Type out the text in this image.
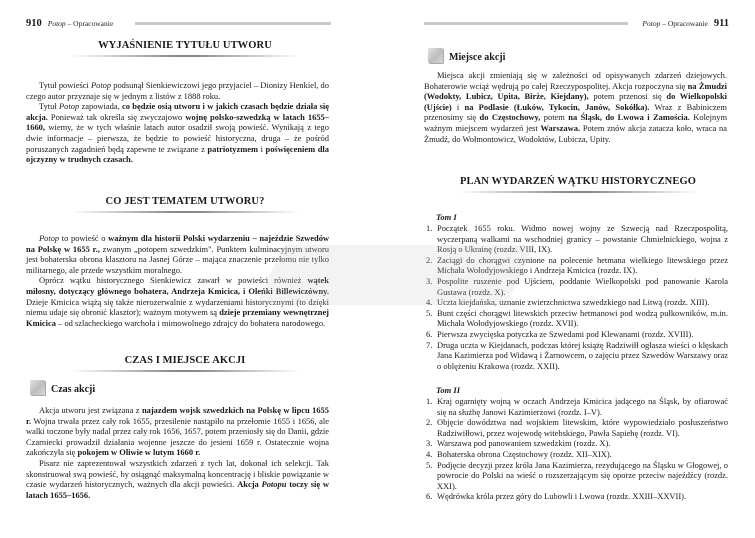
910 Potop – Opracowanie
WYJAŚNIENIE TYTUŁU UTWORU

Tytuł powieści Potop podsunął Sienkiewiczowi jego przyjaciel – Dionizy Henkiel, do czego autor przyznaje się w jednym z listów z 1888 roku.

Tytuł Potop zapowiada, co będzie osią utworu i w jakich czasach będzie działa się akcja. Ponieważ tak określa się zwyczajowo wojnę polsko-szwedzką w latach 1655–1660, wiemy, że w tych właśnie latach autor osadził swoją powieść. Wynikają z tego dwie informacje – pierwsza, że będzie to powieść historyczna, druga – że pośród poruszanych zagadnień będą zapewne te związane z patriotyzmem i poświęceniem dla ojczyzny w trudnych czasach.

CO JEST TEMATEM UTWORU?

Potop to powieść o ważnym dla historii Polski wydarzeniu – najeździe Szwedów na Polskę w 1655 r., zwanym „potopem szwedzkim". Punktem kulminacyjnym utworu jest bohaterska obrona klasztoru na Jasnej Górze – mająca znaczenie przełomu nie tylko militarnego, ale przede wszystkim moralnego.

Oprócz wątku historycznego Sienkiewicz zawarł w powieści również wątek miłosny, dotyczący głównego bohatera, Andrzeja Kmicica, i Oleńki Billewiczówny. Dzieje Kmicica wiążą się także nierozerwalnie z wydarzeniami historycznymi (to dzięki niemu udaje się obronić klasztor); ważnym motywem są dzieje przemiany wewnętrznej Kmicica – od szlacheckiego warchoła i mimowolnego zdrajcy do bohatera narodowego.

CZAS I MIEJSCE AKCJI
Czas akcji

Akcja utworu jest związana z najazdem wojsk szwedzkich na Polskę w lipcu 1655 r. Wojna trwała przez cały rok 1655, przesilenie nastąpiło na przełomie 1655 i 1656, ale walki toczone były nadal przez cały rok 1656, 1657, potem przeniosły się do Danii, gdzie Czarniecki prowadził działania wojenne jeszcze do jesieni 1659 r. Ostatecznie wojna zakończyła się pokojem w Oliwie w lutym 1660 r.

Pisarz nie zaprezentował wszystkich zdarzeń z tych lat, dokonał ich selekcji. Tak skonstruował swą powieść, by osiągnąć maksymalną koncentrację i bliskie powiązanie w czasie wydarzeń historycznych, ważnych dla akcji powieści. Akcja Potopu toczy się w latach 1655–1656.

Potop – Opracowanie 911
Miejsce akcji

Miejsca akcji zmieniają się w zależności od opisywanych zdarzeń dziejowych. Bohaterowie wciąż wędrują po całej Rzeczypospolitej. Akcja rozpoczyna się na Żmudzi (Wodokty, Lubicz, Upita, Birże, Kiejdany), potem przenosi się do Wielkopolski (Ujście) i na Podlasie (Łuków, Tykocin, Janów, Sokółka). Wraz z Babiniczem przenosimy się do Częstochowy, potem na Śląsk, do Lwowa i Zamościa. Kolejnym ważnym miejscem wydarzeń jest Warszawa. Potem znów akcja zatacza koło, wraca na Żmudź, do Wołmontowicz, Wodoktów, Lubicza, Upity.

PLAN WYDARZEŃ WĄTKU HISTORYCZNEGO
Tom I
1. Początek 1655 roku. Widmo nowej wojny ze Szwecją nad Rzeczpospolitą, wyczerpaną walkami na wschodniej granicy – powstanie Chmielnickiego, wojna z Rosją o Ukrainę (rozdz. VIII, IX).
2. Zaciągi do chorągwi czynione na polecenie hetmana wielkiego litewskiego przez Michała Wołodyjowskiego i Andrzeja Kmicica (rozdz. IX).
3. Pospolite ruszenie pod Ujściem, poddanie Wielkopolski pod panowanie Karola Gustawa (rozdz. X).
4. Uczta kiejdańska, uznanie zwierzchnictwa szwedzkiego nad Litwą (rozdz. XIII).
5. Bunt części chorągwi litewskich przeciw hetmanowi pod wodzą pułkowników, m.in. Michała Wołodyjowskiego (rozdz. XVII).
6. Pierwsza zwycięska potyczka ze Szwedami pod Klewanami (rozdz. XVIII).
7. Druga uczta w Kiejdanach, podczas której książę Radziwiłł ogłasza wieści o klęskach Jana Kazimierza pod Widawą i Żarnowcem, o zajęciu przez Szwedów Warszawy oraz o oblężeniu Krakowa (rozdz. XXII).
Tom II
1. Kraj ogarnięty wojną w oczach Andrzeja Kmicica jadącego na Śląsk, by ofiarować się na służbę Janowi Kazimierzowi (rozdz. I–V).
2. Objęcie dowództwa nad wojskiem litewskim, które wypowiedziało posłuszeństwo Radziwiłłowi, przez wojewodę witebskiego, Pawła Sapiehę (rozdz. VI).
3. Warszawa pod panowaniem szwedzkim (rozdz. X).
4. Bohaterska obrona Częstochowy (rozdz. XII–XIX).
5. Podjęcie decyzji przez króla Jana Kazimierza, rezydującego na Śląsku w Głogowej, o powrocie do Polski na wieść o rozszerzającym się oporze przeciw najeźdźcy (rozdz. XXI).
6. Wędrówka króla przez góry do Lubowli i Lwowa (rozdz. XXIII–XXVII).
